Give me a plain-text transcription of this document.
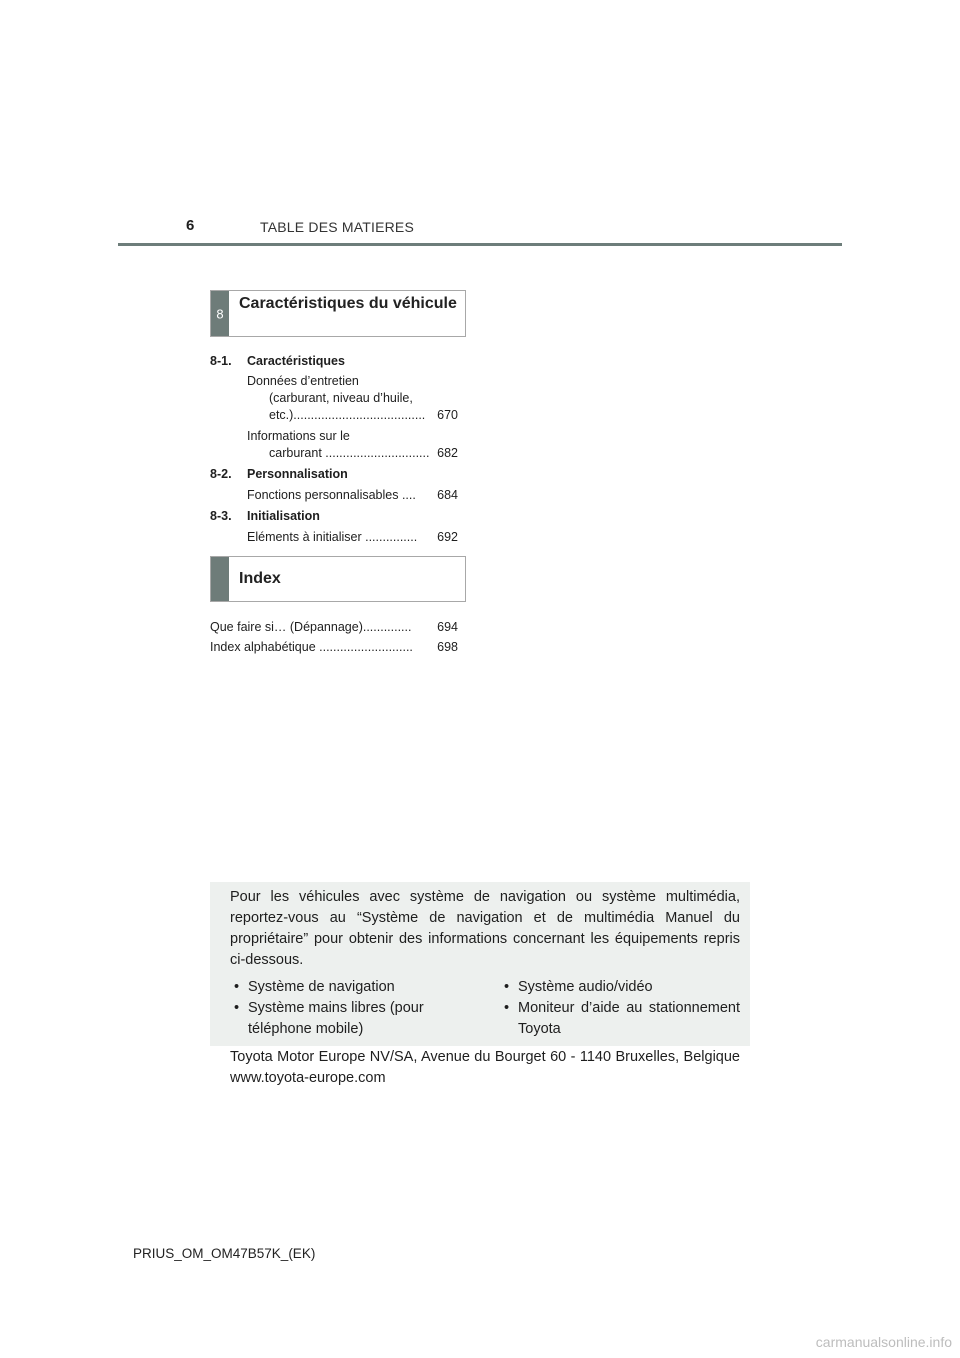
6	TABLE DES MATIERES
8
Caractéristiques du véhicule
8-1. Caractéristiques
Données d’entretien
(carburant, niveau d’huile,
etc.)...................................... 670
Informations sur le
carburant .............................. 682
8-2. Personnalisation
Fonctions personnalisables .... 684
8-3. Initialisation
Eléments à initialiser ............... 692
Index
Que faire si… (Dépannage).............. 694
Index alphabétique ........................... 698
Pour les véhicules avec système de navigation ou système multimédia, reportez-vous au “Système de navigation et de multimédia Manuel du propriétaire” pour obtenir des informations concernant les équipements repris ci-dessous.
• Système de navigation
• Système mains libres (pour téléphone mobile)
• Système audio/vidéo
• Moniteur d’aide au stationnement Toyota
Toyota Motor Europe NV/SA, Avenue du Bourget 60 - 1140 Bruxelles, Belgique www.toyota-europe.com
PRIUS_OM_OM47B57K_(EK)
carmanualsonline.info
